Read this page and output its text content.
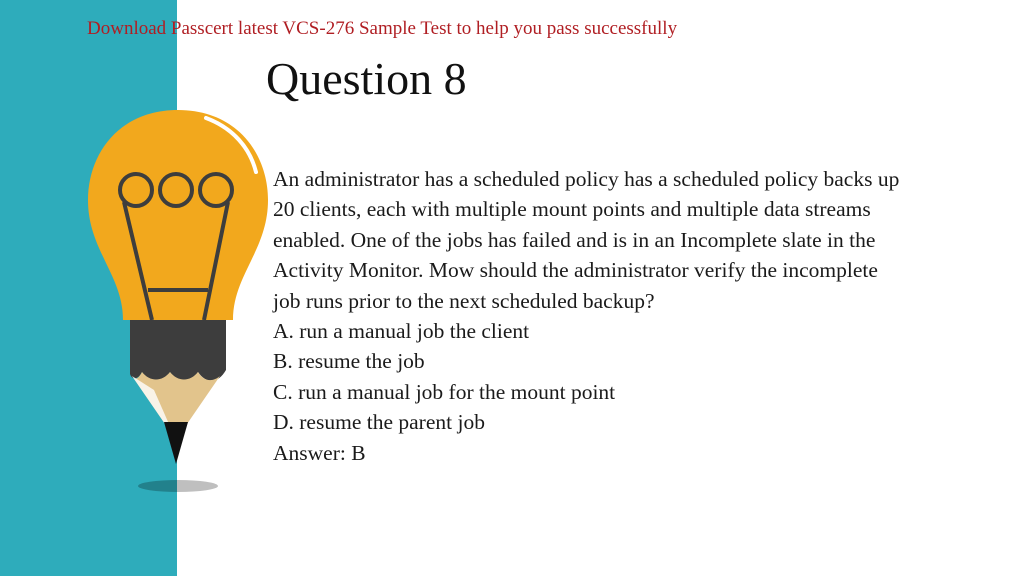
Download Passcert latest VCS-276 Sample Test to help you pass successfully

Question 8
An administrator has a scheduled policy has a scheduled policy backs up
20 clients, each with multiple mount points and multiple data streams
enabled. One of the jobs has failed and is in an Incomplete slate in the
Activity Monitor. Mow should the administrator verify the incomplete
job runs prior to the next scheduled backup?
A. run a manual job the client
B. resume the job
C. run a manual job for the mount point
D. resume the parent job
Answer: B
